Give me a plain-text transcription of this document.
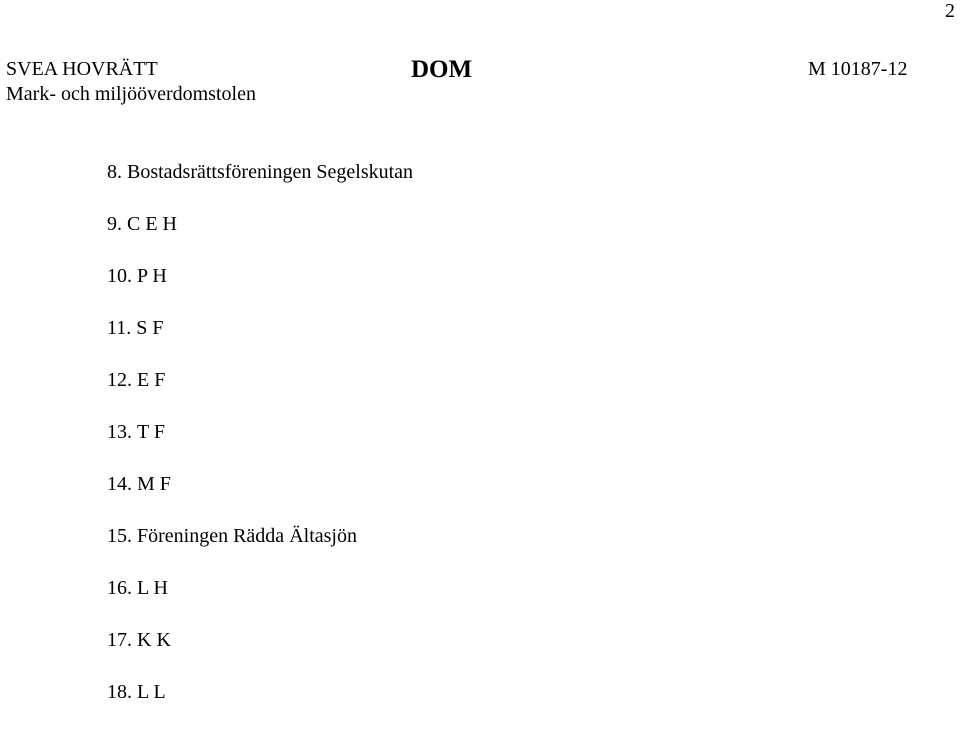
2
SVEA HOVRÄTT
Mark- och miljööverdomstolen
DOM	M 10187-12
8. Bostadsrättsföreningen Segelskutan
9. C E H
10. P H
11. S F
12. E F
13. T F
14. M F
15. Föreningen Rädda Ältasjön
16. L H
17. K K
18. L L
